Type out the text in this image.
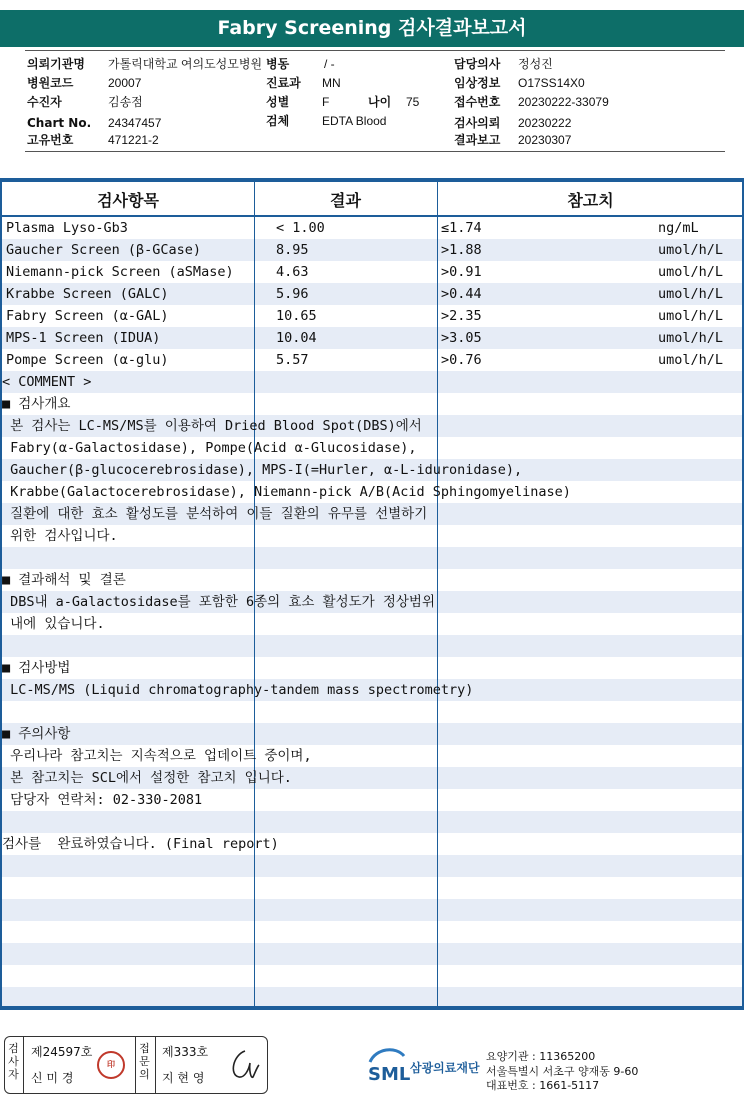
Fabry Screening 검사결과보고서
의뢰기관명 가톨릭대학교 여의도성모병원 병동	/ -	담당의사 정성진
병원코드	20007	진료과 MN	임상정보 O17SS14X0
수진자	김송점	성별	F	나이 75	접수번호 20230222-33079
Chart No. 24347457	검체	EDTA Blood	검사의뢰 20230222
고유번호	471221-2	결과보고 20230307
검사항목	결과	참고치
Plasma Lyso-Gb3	< 1.00	≤1.74	ng/mL
Gaucher Screen (β-GCase)	8.95	>1.88	umol/h/L
Niemann-pick Screen (aSMase)	4.63	>0.91	umol/h/L
Krabbe Screen (GALC)	5.96	>0.44	umol/h/L
Fabry Screen (α-GAL)	10.65	>2.35	umol/h/L
MPS-1 Screen (IDUA)	10.04	>3.05	umol/h/L
Pompe Screen (α-glu)	5.57	>0.76	umol/h/L
< COMMENT >
■ 검사개요
본 검사는 LC-MS/MS를 이용하여 Dried Blood Spot(DBS)에서
Fabry(α-Galactosidase), Pompe(Acid α-Glucosidase),
Gaucher(β-glucocerebrosidase), MPS-I(=Hurler, α-L-iduronidase),
Krabbe(Galactocerebrosidase), Niemann-pick A/B(Acid Sphingomyelinase)
질환에 대한 효소 활성도를 분석하여 이들 질환의 유무를 선별하기
위한 검사입니다.
■ 결과해석 및 결론
DBS내 a-Galactosidase를 포함한 6종의 효소 활성도가 정상범위
내에 있습니다.
■ 검사방법
LC-MS/MS (Liquid chromatography-tandem mass spectrometry)
■ 주의사항
우리나라 참고치는 지속적으로 업데이트 중이며,
본 참고치는 SCL에서 설정한 참고치 입니다.
담당자 연락처: 02-330-2081
검사를  완료하였습니다. (Final report)
검사자
제24597호
신 미 경
印
접문의
제333호
지 현 영	SML 삼광의료재단
요양기관 : 11365200
서울특별시 서초구 양재동 9-60
대표번호 : 1661-5117
